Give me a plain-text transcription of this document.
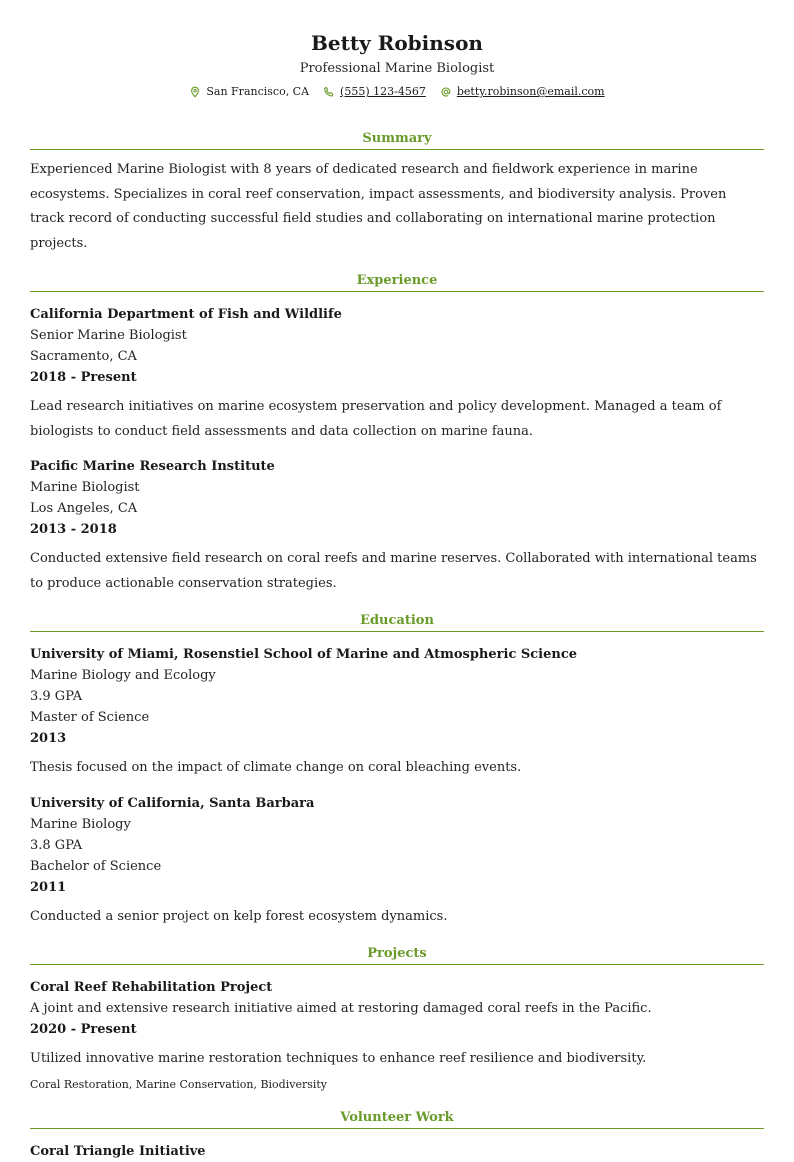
Betty Robinson
Professional Marine Biologist
San Francisco, CA	(555) 123-4567	betty.robinson@email.com
Summary

Experienced Marine Biologist with 8 years of dedicated research and fieldwork experience in marine ecosystems. Specializes in coral reef conservation, impact assessments, and biodiversity analysis. Proven track record of conducting successful field studies and collaborating on international marine protection projects.

Experience
California Department of Fish and Wildlife
Senior Marine Biologist
Sacramento, CA
2018 - Present
Lead research initiatives on marine ecosystem preservation and policy development. Managed a team of biologists to conduct field assessments and data collection on marine fauna.
Pacific Marine Research Institute
Marine Biologist
Los Angeles, CA
2013 - 2018
Conducted extensive field research on coral reefs and marine reserves. Collaborated with international teams to produce actionable conservation strategies.
Education
University of Miami, Rosenstiel School of Marine and Atmospheric Science
Marine Biology and Ecology
3.9 GPA
Master of Science
2013
Thesis focused on the impact of climate change on coral bleaching events.
University of California, Santa Barbara
Marine Biology
3.8 GPA
Bachelor of Science
2011
Conducted a senior project on kelp forest ecosystem dynamics.
Projects
Coral Reef Rehabilitation Project
A joint and extensive research initiative aimed at restoring damaged coral reefs in the Pacific.
2020 - Present
Utilized innovative marine restoration techniques to enhance reef resilience and biodiversity.
Coral Restoration, Marine Conservation, Biodiversity
Volunteer Work
Coral Triangle Initiative
